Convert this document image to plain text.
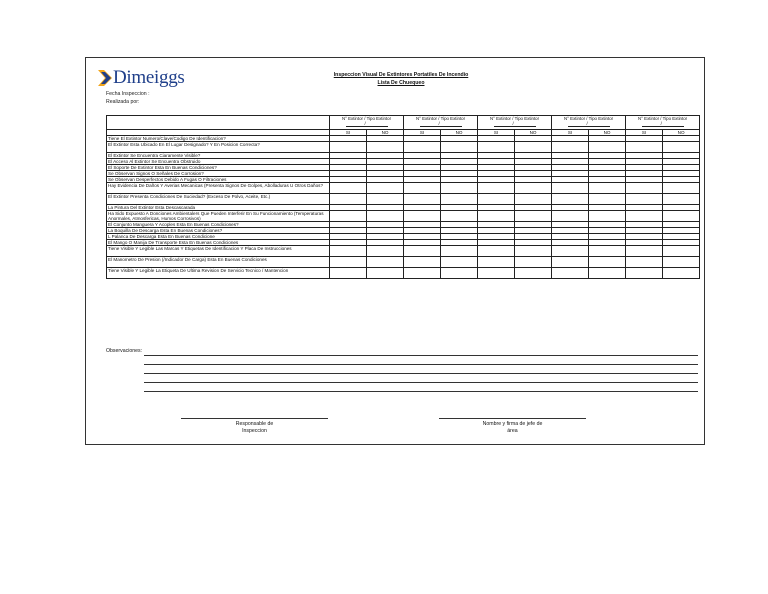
Dimeiggs
Fecha Inspeccion :
Realizada por:
Inspeccion Visual De Extintores Portatiles De Incendio
Lista De Chuequeo

	N° Extintor / Tipo Extintor
/		N° Extintor / Tipo Extintor
/		N° Extintor / Tipo Extintor
/		N° Extintor / Tipo Extintor
/		N° Extintor / Tipo Extintor
/	

	SI	NO	SI	NO	SI	NO	SI	NO	SI	NO
Tiene El Extintor Numero/Clave/Codigo De Identificacion?										
El Extintor Esta Ubicado En El Lugar Designado? Y En Posicion Correcta?										
El Extintor Se Encuentra Ciaramente Visible?										
El Acceso Al Extintor Se Encuentra Obstruido										
El Soporte De Extintor Esta En Buenas Condiciones?										
Se Observan Signos O Señales De Corrosion?										
Se Observan Desperfectos Debido A Fugas O Filtraciones										
Hay Evidencia De Daños Y Averias Mecanicas (Presenta Signos De Golpes, Abolladuras U Otros Daños?										
El Extintor Presenta Condiciones De Suciedad? (Exceso De Polvo, Aceite, Etc.)										
La Pintura Del Extintor Esta Descascarada										
Ha Sido Expuesto A Donciones Ambientalers Que Pueden Interferir En Su Funcionamiento (Temperaturas Anormales, Atmosfericas, Humos Corrosivos)										
El Conjunto Manguera Y Acoples Esta En Buenas Condiciones?										
La Boquilla De Descarga Esta En Buenas Condiciones?										
L Palanca De Descarga Esta En Buenas Condicione										
El Mango O Manija De Transporte Esta En Buenas Condiciones										
Tiene Visible Y Legible Las Marcas Y Etiquetas De Identificacion Y Placa De Instrucciones										
El Manometro De Presion (/Indicador De Carga) Esta En Buenas Condiciones										
Tiene Visible Y Legible La Etiqueta De Ultima Revision De Servicio Tecnico / Mantencion										
Observaciones:
Responsable de
Inspeccion
Nombre y firma de jefe de
área
